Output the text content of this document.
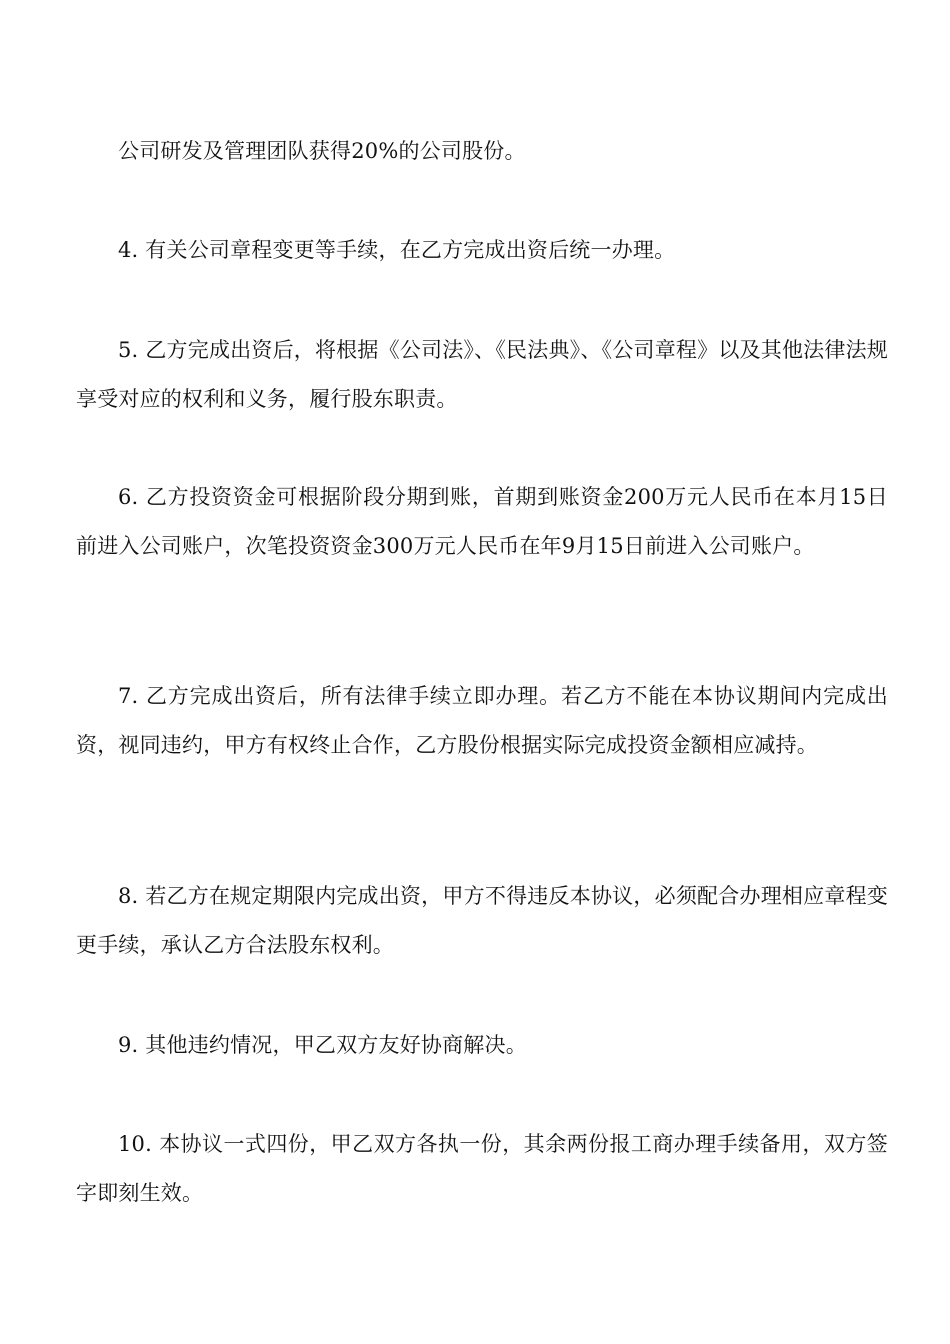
公司研发及管理团队获得20%的公司股份。

4. 有关公司章程变更等手续，在乙方完成出资后统一办理。

5. 乙方完成出资后，将根据《公司法》、《民法典》、《公司章程》以及其他法律法规享受对应的权利和义务，履行股东职责。

6. 乙方投资资金可根据阶段分期到账，首期到账资金200万元人民币在本月15日前进入公司账户，次笔投资资金300万元人民币在年9月15日前进入公司账户。

7. 乙方完成出资后，所有法律手续立即办理。若乙方不能在本协议期间内完成出资，视同违约，甲方有权终止合作，乙方股份根据实际完成投资金额相应减持。

8. 若乙方在规定期限内完成出资，甲方不得违反本协议，必须配合办理相应章程变更手续，承认乙方合法股东权利。

9. 其他违约情况，甲乙双方友好协商解决。

10. 本协议一式四份，甲乙双方各执一份，其余两份报工商办理手续备用，双方签字即刻生效。
